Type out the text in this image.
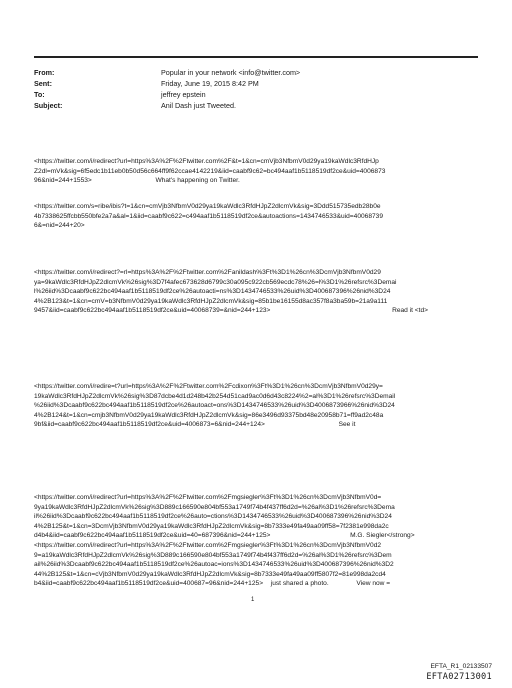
From:	Popular in your network <info@twitter.com>
Sent:	Friday, June 19, 2015 8:42 PM
To:	jeffrey epstein
Subject:	Anil Dash just Tweeted.
<https://twitter.com/i/redirect?url=https%3A%2F%2Ftwitter.com%2F&t=1&cn=cmVjb3NfbmV0d29ya19kaWdlc3RfdHJp
Z2dl=mVk&sig=6f5edc1b11eb0b50d56c664ff9f62ccae4142219&iid=caabf9c62=bc494aaf1b5118519df2ce&uid=4006873
96&nid=244+1553>	What's happening on Twitter.
<https://twitter.com/s=ribe/ibis?t=1&cn=cmVjb3NfbmV0d29ya19kaWdlc3RfdHJpZ2dlcmVk&sig=3Ddd515735edb28b0e
4b7338625ffcbb550bfe2a7a&al=1&iid=caabf9c622=c494aaf1b5118519df2ce&autoactions=1434746533&uid=40068739
6&=nid=244+20>
<https://twitter.com/i/redirect?=rl=https%3A%2F%2Ftwitter.com%2Fanildash%3Ft%3D1%26cn%3DcmVjb3NfbmV0d29
ya=9kaWdlc3RfdHJpZ2dlcmVk%26sig%3D7f4afec673628d6799c30a095c922cb569ecdc78%26=l%3D1%26refsrc%3Demai
l%26iid%3Dcaabf9c622bc494aaf1b5118519df2ce%26autoacti=ns%3D1434746533%26uid%3D400687396%26nid%3D24
4%2B123&t=1&cn=cmV=b3NfbmV0d29ya19kaWdlc3RfdHJpZ2dlcmVk&sig=85b1be16155d8ac357f8a3ba59b=21a9a111
9457&iid=caabf9c622bc494aaf1b5118519df2ce&uid=40068739=&nid=244+123>	Read it <td>
<https://twitter.com/i/redire=t?url=https%3A%2F%2Ftwitter.com%2Fcdixon%3Ft%3D1%26cn%3DcmVjb3NfbmV0d29y=
19kaWdlc3RfdHJpZ2dlcmVk%26sig%3D87dcbe4d1d248b42b254d51cad9ac0d6d43c8224%2=al%3D1%26refsrc%3Demail
%26iid%3Dcaabf9c622bc494aaf1b5118519df2ce%26autoact=ons%3D1434746533%26uid%3D4006873966%26nid%3D24
4%2B124&t=1&cn=cmjb3NfbmV0d29ya19kaWdlc3RfdHJpZ2dlcmVk&sig=86e3496d93375bd48e20958b71=ff9ad2c48a
9bf&iid=caabf9c622bc494aaf1b5118519df2ce&uid=4006873=6&nid=244+124>	See it
<https://twitter.com/i/redirect?url=https%3A%2F%2Ftwitter.com%2Fmgsiegler%3Ft%3D1%26cn%3DcmVjb3NfbmV0d=
9ya19kaWdlc3RfdHJpZ2dlcmVk%26sig%3D889c166590e804bf553a1749f74b4f437ff6d2d=%26al%3D1%26refsrc%3Dema
il%26iid%3Dcaabf9c622bc494aaf1b5118519df2ce%26auto=ctions%3D1434746533%26uid%3D400687396%26nid%3D24
4%2B125&t=1&cn=3DcmVjb3NfbmV0d29ya19kaWdlc3RfdHJpZ2dlcmVk&sig=8b7333e49fa49aa09ff58=7f2381e998da2c
d4b4&iid=caabf9c622bc494aaf1b5118519df2ce&uid=40=687396&nid=244+125>	M.G. Siegler</strong>
<https://twitter.com/i/redirect?url=https%3A%2F%2Ftwitter.com%2Fmgsiegler%3Ft%3D1%26cn%3DcmVjb3NfbmV0d2
9=a19kaWdlc3RfdHJpZ2dlcmVk%26sig%3D889c166590e804bf553a1749f74b4f437ff6d2d=%26al%3D1%26refsrc%3Dem
ail%26iid%3Dcaabf9c622bc494aaf1b5118519df2ce%26autoac=ions%3D1434746533%26uid%3D400687396%26nid%3D2
44%2B125&t=1&cn=cVjb3NfbmV0d29ya19kaWdlc3RfdHJpZ2dlcmVk&sig=8b7333e49fa49aa09ff5807f2=81e998da2cd4
b4&iid=caabf9c622bc494aaf1b5118519df2ce&uid=400687=96&nid=244+125> just shared a photo.	View now =
1
EFTA_R1_02133507
EFTA02713001
